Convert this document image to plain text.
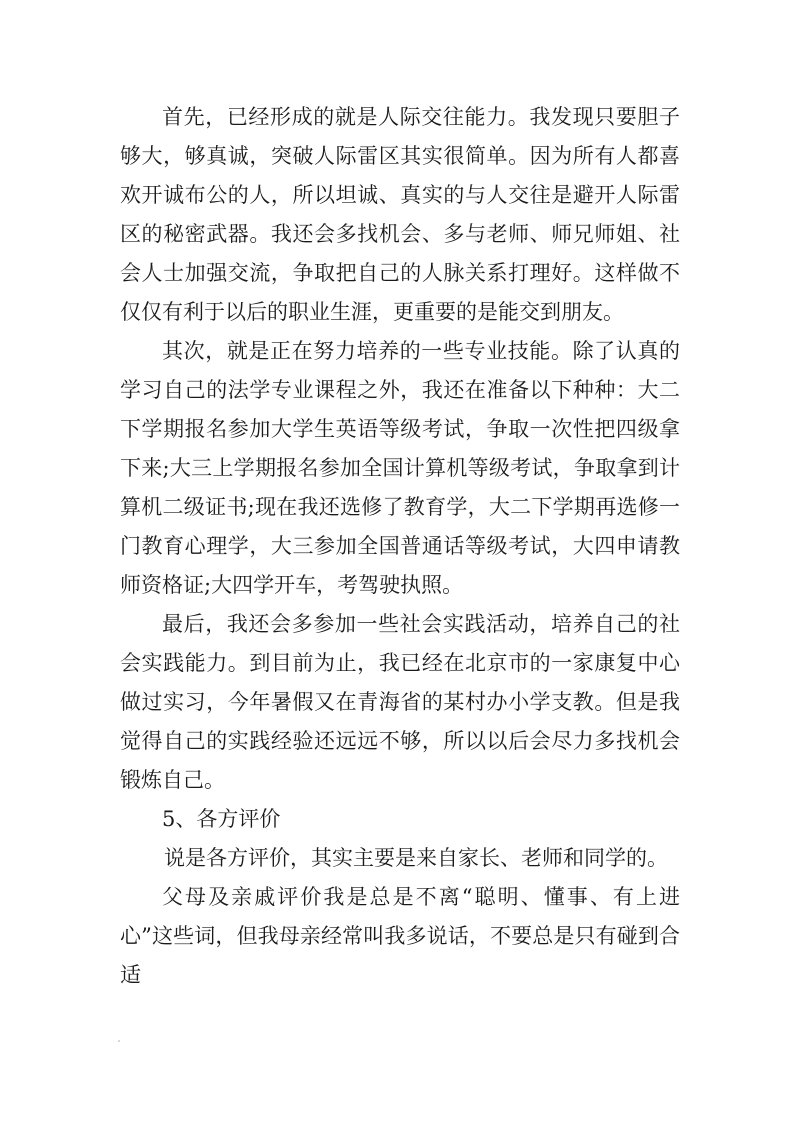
首先，已经形成的就是人际交往能力。我发现只要胆子够大，够真诚，突破人际雷区其实很简单。因为所有人都喜欢开诚布公的人，所以坦诚、真实的与人交往是避开人际雷区的秘密武器。我还会多找机会、多与老师、师兄师姐、社会人士加强交流，争取把自己的人脉关系打理好。这样做不仅仅有利于以后的职业生涯，更重要的是能交到朋友。

其次，就是正在努力培养的一些专业技能。除了认真的学习自己的法学专业课程之外，我还在准备以下种种：大二下学期报名参加大学生英语等级考试，争取一次性把四级拿下来;大三上学期报名参加全国计算机等级考试，争取拿到计算机二级证书;现在我还选修了教育学，大二下学期再选修一门教育心理学，大三参加全国普通话等级考试，大四申请教师资格证;大四学开车，考驾驶执照。

最后，我还会多参加一些社会实践活动，培养自己的社会实践能力。到目前为止，我已经在北京市的一家康复中心做过实习，今年暑假又在青海省的某村办小学支教。但是我觉得自己的实践经验还远远不够，所以以后会尽力多找机会锻炼自己。

5、各方评价

说是各方评价，其实主要是来自家长、老师和同学的。

父母及亲戚评价我是总是不离“聪明、懂事、有上进心”这些词，但我母亲经常叫我多说话，不要总是只有碰到合适
